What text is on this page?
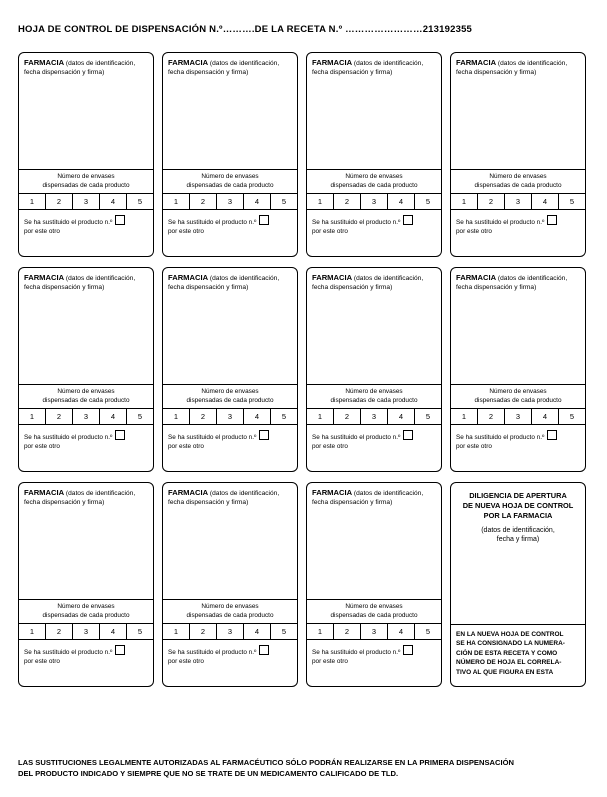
HOJA DE CONTROL DE DISPENSACIÓN N.º……….DE LA RECETA N.º ……………………213192355
FARMACIA (datos de identificación, fecha dispensación y firma)
Número de envases
dispensadas de cada producto
1	2	3	4	5
Se ha sustituido el producto n.º
por este otro
FARMACIA (datos de identificación, fecha dispensación y firma)
Número de envases
dispensadas de cada producto
1	2	3	4	5
Se ha sustituido el producto n.º
por este otro
FARMACIA (datos de identificación, fecha dispensación y firma)
Número de envases
dispensadas de cada producto
1	2	3	4	5
Se ha sustituido el producto n.º
por este otro
FARMACIA (datos de identificación, fecha dispensación y firma)
Número de envases
dispensadas de cada producto
1	2	3	4	5
Se ha sustituido el producto n.º
por este otro
FARMACIA (datos de identificación, fecha dispensación y firma)
Número de envases
dispensadas de cada producto
1	2	3	4	5
Se ha sustituido el producto n.º
por este otro
FARMACIA (datos de identificación, fecha dispensación y firma)
Número de envases
dispensadas de cada producto
1	2	3	4	5
Se ha sustituido el producto n.º
por este otro
FARMACIA (datos de identificación, fecha dispensación y firma)
Número de envases
dispensadas de cada producto
1	2	3	4	5
Se ha sustituido el producto n.º
por este otro
FARMACIA (datos de identificación, fecha dispensación y firma)
Número de envases
dispensadas de cada producto
1	2	3	4	5
Se ha sustituido el producto n.º
por este otro
FARMACIA (datos de identificación, fecha dispensación y firma)
Número de envases
dispensadas de cada producto
1	2	3	4	5
Se ha sustituido el producto n.º
por este otro
FARMACIA (datos de identificación, fecha dispensación y firma)
Número de envases
dispensadas de cada producto
1	2	3	4	5
Se ha sustituido el producto n.º
por este otro
FARMACIA (datos de identificación, fecha dispensación y firma)
Número de envases
dispensadas de cada producto
1	2	3	4	5
Se ha sustituido el producto n.º
por este otro
DILIGENCIA DE APERTURA
DE NUEVA HOJA DE CONTROL
POR LA FARMACIA
(datos de identificación,
fecha y firma)
EN LA NUEVA HOJA DE CONTROL
SE HA CONSIGNADO LA NUMERA-
CIÓN DE ESTA RECETA Y COMO
NÚMERO DE HOJA EL CORRELA-
TIVO AL QUE FIGURA EN ESTA
LAS SUSTITUCIONES LEGALMENTE AUTORIZADAS AL FARMACÉUTICO SÓLO PODRÁN REALIZARSE EN LA PRIMERA DISPENSACIÓN
DEL PRODUCTO INDICADO Y SIEMPRE QUE NO SE TRATE DE UN MEDICAMENTO CALIFICADO DE TLD.
